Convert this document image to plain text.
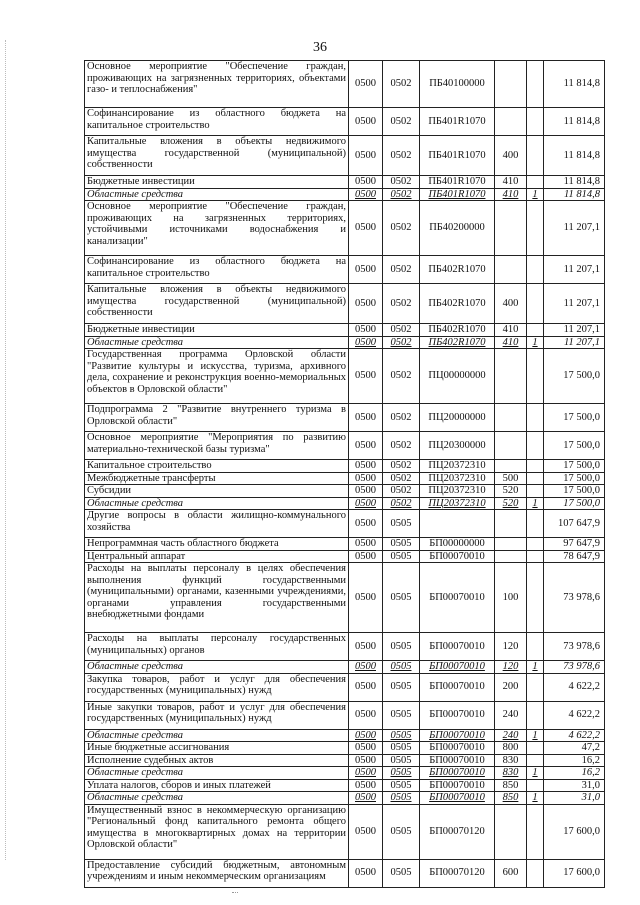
36
Основное мероприятие "Обеспечение граждан, проживающих на загрязненных территориях, объектами газо- и теплоснабжения"	0500	0502	ПБ40100000			11 814,8
Софинансирование из областного бюджета на капитальное строительство	0500	0502	ПБ401R1070			11 814,8
Капитальные вложения в объекты недвижимого имущества государственной (муниципальной) собственности	0500	0502	ПБ401R1070	400		11 814,8
Бюджетные инвестиции	0500	0502	ПБ401R1070	410		11 814,8
Областные средства	0500	0502	ПБ401R1070	410	1	11 814,8
Основное мероприятие "Обеспечение граждан, проживающих на загрязненных территориях, устойчивыми источниками водоснабжения и канализации"	0500	0502	ПБ40200000			11 207,1
Софинансирование из областного бюджета на капитальное строительство	0500	0502	ПБ402R1070			11 207,1
Капитальные вложения в объекты недвижимого имущества государственной (муниципальной) собственности	0500	0502	ПБ402R1070	400		11 207,1
Бюджетные инвестиции	0500	0502	ПБ402R1070	410		11 207,1
Областные средства	0500	0502	ПБ402R1070	410	1	11 207,1
Государственная программа Орловской области "Развитие культуры и искусства, туризма, архивного дела, сохранение и реконструкция военно-мемориальных объектов в Орловской области"	0500	0502	ПЦ00000000			17 500,0
Подпрограмма 2 "Развитие внутреннего туризма в Орловской области"	0500	0502	ПЦ20000000			17 500,0
Основное мероприятие "Мероприятия по развитию материально-технической базы туризма"	0500	0502	ПЦ20300000			17 500,0
Капитальное строительство	0500	0502	ПЦ20372310			17 500,0
Межбюджетные трансферты	0500	0502	ПЦ20372310	500		17 500,0
Субсидии	0500	0502	ПЦ20372310	520		17 500,0
Областные средства	0500	0502	ПЦ20372310	520	1	17 500,0
Другие вопросы в области жилищно-коммунального хозяйства	0500	0505				107 647,9
Непрограммная часть областного бюджета	0500	0505	БП00000000			97 647,9
Центральный аппарат	0500	0505	БП00070010			78 647,9
Расходы на выплаты персоналу в целях обеспечения выполнения функций государственными (муниципальными) органами, казенными учреждениями, органами управления государственными внебюджетными фондами	0500	0505	БП00070010	100		73 978,6
Расходы на выплаты персоналу государственных (муниципальных) органов	0500	0505	БП00070010	120		73 978,6
Областные средства	0500	0505	БП00070010	120	1	73 978,6
Закупка товаров, работ и услуг для обеспечения государственных (муниципальных) нужд	0500	0505	БП00070010	200		4 622,2
Иные закупки товаров, работ и услуг для обеспечения государственных (муниципальных) нужд	0500	0505	БП00070010	240		4 622,2
Областные средства	0500	0505	БП00070010	240	1	4 622,2
Иные бюджетные ассигнования	0500	0505	БП00070010	800		47,2
Исполнение судебных актов	0500	0505	БП00070010	830		16,2
Областные средства	0500	0505	БП00070010	830	1	16,2
Уплата налогов, сборов и иных платежей	0500	0505	БП00070010	850		31,0
Областные средства	0500	0505	БП00070010	850	1	31,0
Имущественный взнос в некоммерческую организацию "Региональный фонд капитального ремонта общего имущества в многоквартирных домах на территории Орловской области"	0500	0505	БП00070120			17 600,0
Предоставление субсидий бюджетным, автономным учреждениям и иным некоммерческим организациям	0500	0505	БП00070120	600		17 600,0
